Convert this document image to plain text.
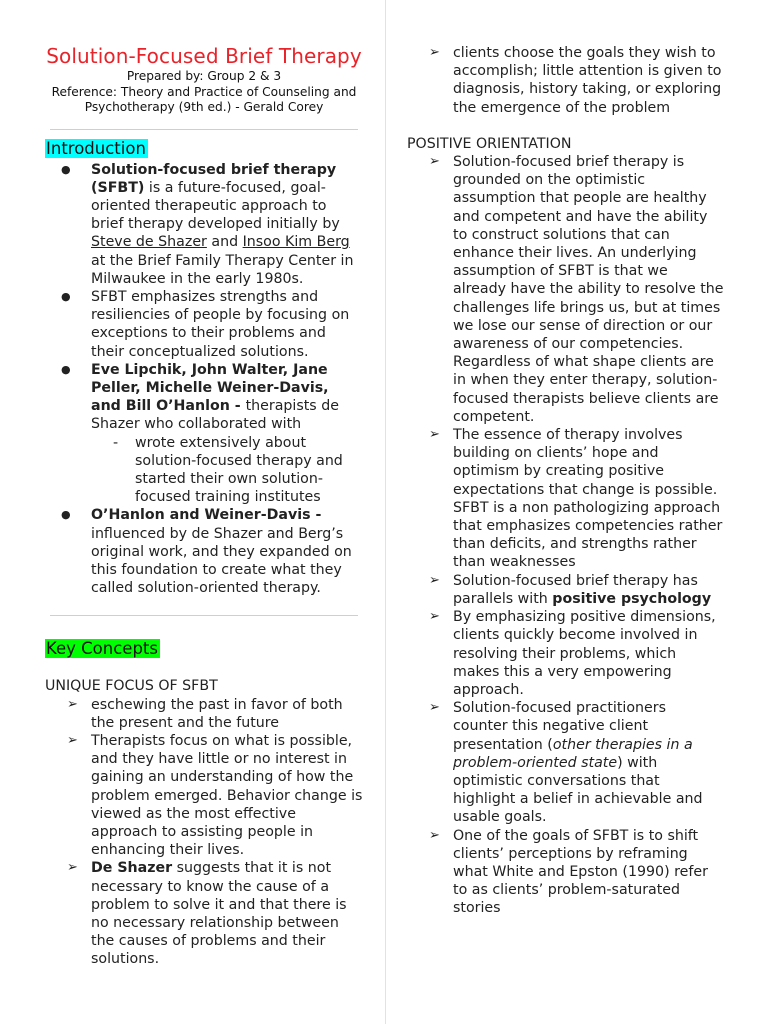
Solution-Focused Brief Therapy
Prepared by: Group 2 & 3
Reference: Theory and Practice of Counseling and
Psychotherapy (9th ed.) - Gerald Corey
Introduction
● Solution-focused brief therapy (SFBT) is a future-focused, goal-oriented therapeutic approach to brief therapy developed initially by Steve de Shazer and Insoo Kim Berg at the Brief Family Therapy Center in Milwaukee in the early 1980s.
● SFBT emphasizes strengths and resiliencies of people by focusing on exceptions to their problems and their conceptualized solutions.
● Eve Lipchik, John Walter, Jane Peller, Michelle Weiner-Davis, and Bill O’Hanlon - therapists de Shazer who collaborated with
- wrote extensively about solution-focused therapy and started their own solution-focused training institutes
● O’Hanlon and Weiner-Davis - influenced by de Shazer and Berg’s original work, and they expanded on this foundation to create what they called solution-oriented therapy.
Key Concepts
UNIQUE FOCUS OF SFBT
➢ eschewing the past in favor of both the present and the future
➢ Therapists focus on what is possible, and they have little or no interest in gaining an understanding of how the problem emerged. Behavior change is viewed as the most effective approach to assisting people in enhancing their lives.
➢ De Shazer suggests that it is not necessary to know the cause of a problem to solve it and that there is no necessary relationship between the causes of problems and their solutions.
➢ clients choose the goals they wish to accomplish; little attention is given to diagnosis, history taking, or exploring the emergence of the problem
POSITIVE ORIENTATION
➢ Solution-focused brief therapy is grounded on the optimistic assumption that people are healthy and competent and have the ability to construct solutions that can enhance their lives. An underlying assumption of SFBT is that we already have the ability to resolve the challenges life brings us, but at times we lose our sense of direction or our awareness of our competencies. Regardless of what shape clients are in when they enter therapy, solution-focused therapists believe clients are competent.
➢ The essence of therapy involves building on clients’ hope and optimism by creating positive expectations that change is possible. SFBT is a non pathologizing approach that emphasizes competencies rather than deficits, and strengths rather than weaknesses
➢ Solution-focused brief therapy has parallels with positive psychology
➢ By emphasizing positive dimensions, clients quickly become involved in resolving their problems, which makes this a very empowering approach.
➢ Solution-focused practitioners counter this negative client presentation (other therapies in a problem-oriented state) with optimistic conversations that highlight a belief in achievable and usable goals.
➢ One of the goals of SFBT is to shift clients’ perceptions by reframing what White and Epston (1990) refer to as clients’ problem-saturated stories
